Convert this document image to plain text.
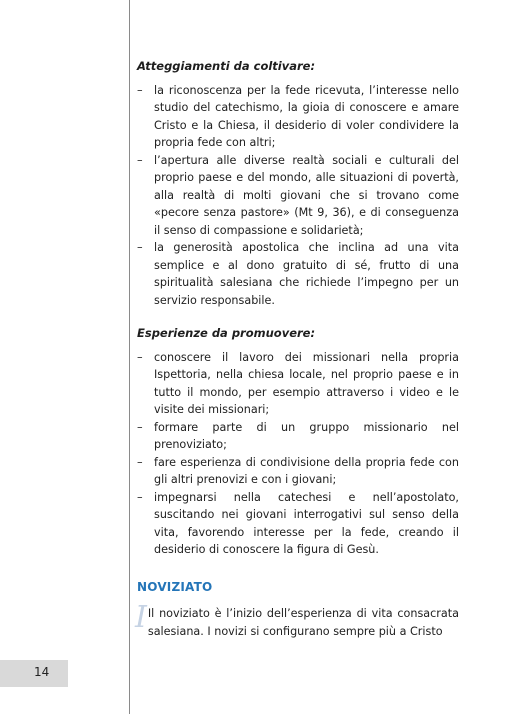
14
Atteggiamenti da coltivare:
– la riconoscenza per la fede ricevuta, l’interesse nello studio del catechismo, la gioia di conoscere e amare Cristo e la Chiesa, il desiderio di voler condividere la propria fede con altri;
– l’apertura alle diverse realtà sociali e culturali del proprio paese e del mondo, alle situazioni di povertà, alla realtà di molti giovani che si trovano come «pecore senza pastore» (Mt 9, 36), e di conseguenza il senso di compassione e solidarietà;
– la generosità apostolica che inclina ad una vita semplice e al dono gratuito di sé, frutto di una spiritualità salesiana che richiede l’impegno per un servizio responsabile.
Esperienze da promuovere:
– conoscere il lavoro dei missionari nella propria Ispettoria, nella chiesa locale, nel proprio paese e in tutto il mondo, per esempio attraverso i video e le visite dei missionari;
– formare parte di un gruppo missionario nel prenoviziato;
– fare esperienza di condivisione della propria fede con gli altri prenovizi e con i giovani;
– impegnarsi nella catechesi e nell’apostolato, suscitando nei giovani interrogativi sul senso della vita, favorendo interesse per la fede, creando il desiderio di conoscere la figura di Gesù.
NOVIZIATO
I Il noviziato è l’inizio dell’esperienza di vita consacrata salesiana. I novizi si configurano sempre più a Cristo
